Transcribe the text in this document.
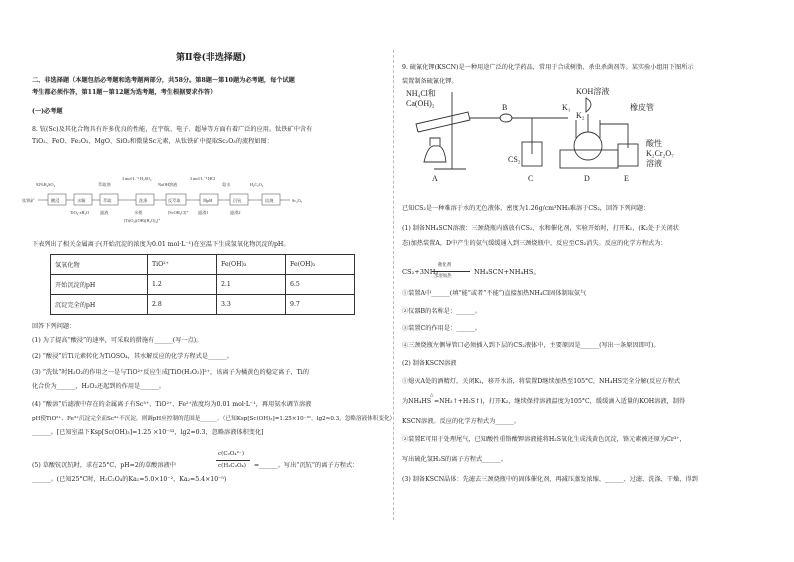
第Ⅱ卷(非选择题)
二、非选择题（本题包括必考题和选考题两部分，共58分。第8题～第10题为必考题，每个试题
考生都必须作答，第11题～第12题为选考题，考生根据要求作答）
(一)必考题
8. 钪(Sc)及其化合物具有许多优良的性能，在宇航、电子、超导等方面有着广泛的应用。钛铁矿中含有
TiO₂、FeO、Fe₂O₃、MgO、SiO₂和微量Sc元素，从钛铁矿中提取Sc₂O₃的流程如图：
钛铁矿
92%H₂SO₄
酸浸	水解
TiO₂·xH₂O
萃取剂
萃取
滤液
3 mol·L⁻¹ H₂SO₄
洗涤
水相
[Ti(O₂)(OH)(H₂O)₄]⁺
NaOH溶液
反萃取
[ScOH₂Cl]⁺
3 mol·L⁻¹ HCl
调pH
滤渣1
氨水
沉钪
滤渣2
H₂C₂O₄
焙烧	Sc₂O₃
下表列出了相关金属离子(开始沉淀的浓度为0.01 mol·L⁻¹)在室温下生成氢氧化物沉淀的pH。
氢氧化物	TiO²⁺	Fe(OH)₃	Fe(OH)₂
开始沉淀的pH	1.2	2.1	6.5
沉淀完全的pH	2.8	3.3	9.7
回答下列问题：
(1) 为了提高“酸浸”的速率，可采取的措施有______(写一点)。
(2) “酸浸”后Ti元素转化为TiOSO₄，其水解反应的化学方程式是______。
(3) “洗钛”时H₂O₂的作用之一是与TiO²⁺反应生成[TiO(H₂O₂)]²⁺，该离子为橘黄色的稳定离子，Ti的
化合价为______，H₂O₂还起到的作用是______。
(4) “酸溶”后滤液中存在的金属离子有Sc³⁺、TiO²⁺、Fe²⁺浓度均为0.01 mol·L⁻¹，再用氨水调节溶液
pH使TiO²⁺、Fe³⁺沉淀完全而Sc³⁺不沉淀，则调pH应控制的范围是______。（已知Ksp[Sc(OH)₃]=1.25×10⁻³¹，lg2≈0.3，忽略溶液体积变化）
______。[已知室温下Ksp[Sc(OH)₃]=1.25 ×10⁻³³，lg2≈0.3，忽略溶液体积变化]
(5) 草酸钪沉钪时，求在25°C、pH=2的草酸溶液中
c(C₂O₄²⁻)
c(H₂C₂O₄) =______。写出“沉钪”的离子方程式：
______。(已知25°C时，H₂C₂O₄的Ka₁=5.0×10⁻²，Ka₂=5.4×10⁻⁵)
9. 硫氰化钾(KSCN)是一种用途广泛的化学药品，常用于合成树脂、杀虫杀菌剂等。某实验小组用下图所示
装置制备硫氰化钾。
NH₄Cl和
Ca(OH)₂
A
B
CS₂
C
K₁
KOH溶液
K₂
橡皮管
D	E
酸性
K₂Cr₂O₇
溶液
已知CS₂是一种难溶于水的无色液体，密度为1.26g/cm³NH₃难溶于CS₂，回答下列问题：
(1) 制备NH₄SCN溶液：三颈烧瓶内盛放有CS₂、水和催化剂，实验开始时，打开K₁，(K₂处于关闭状
态)加热装置A，D中产生的氨气缓缓通入到三颈烧瓶中，反应至CS₂消失。反应的化学方程式为：
CS₂+3NH₃
催化剂
水浴加热
NH₄SCN+NH₄HS。
①装置A中______(填“能”或者“不能”)直接加热NH₄Cl固体制取氨气
②仪器B的名称是：______。
③装置C的作用是：______。
④三颈烧瓶左侧导管口必须插入到下层的CS₂液体中，主要原因是______(写出一条原因即可)。
(2) 制备KSCN溶液
①熄灭A处的酒精灯，关闭K₁，移开水浴，将装置D继续加热至105°C，NH₄HS完全分解(反应方程式
为NH₄HS
△
=NH₃↑+H₂S↑)，打开K₂，继续保持溶液温度为105°C，缓缓滴入适量的KOH溶液，制得
KSCN溶液。反应的化学方程式为______。
②装置E可用于处理尾气，已知酸性重铬酸钾溶液能将H₂S氧化生成浅黄色沉淀，铬元素被还原为Cr³⁺，
写出硫化氢H₂S的离子方程式______。
(3) 制备KSCN晶体：先滤去三颈烧瓶中的固体催化剂，再减压蒸发浓缩、______、过滤、洗涤、干燥，得到
